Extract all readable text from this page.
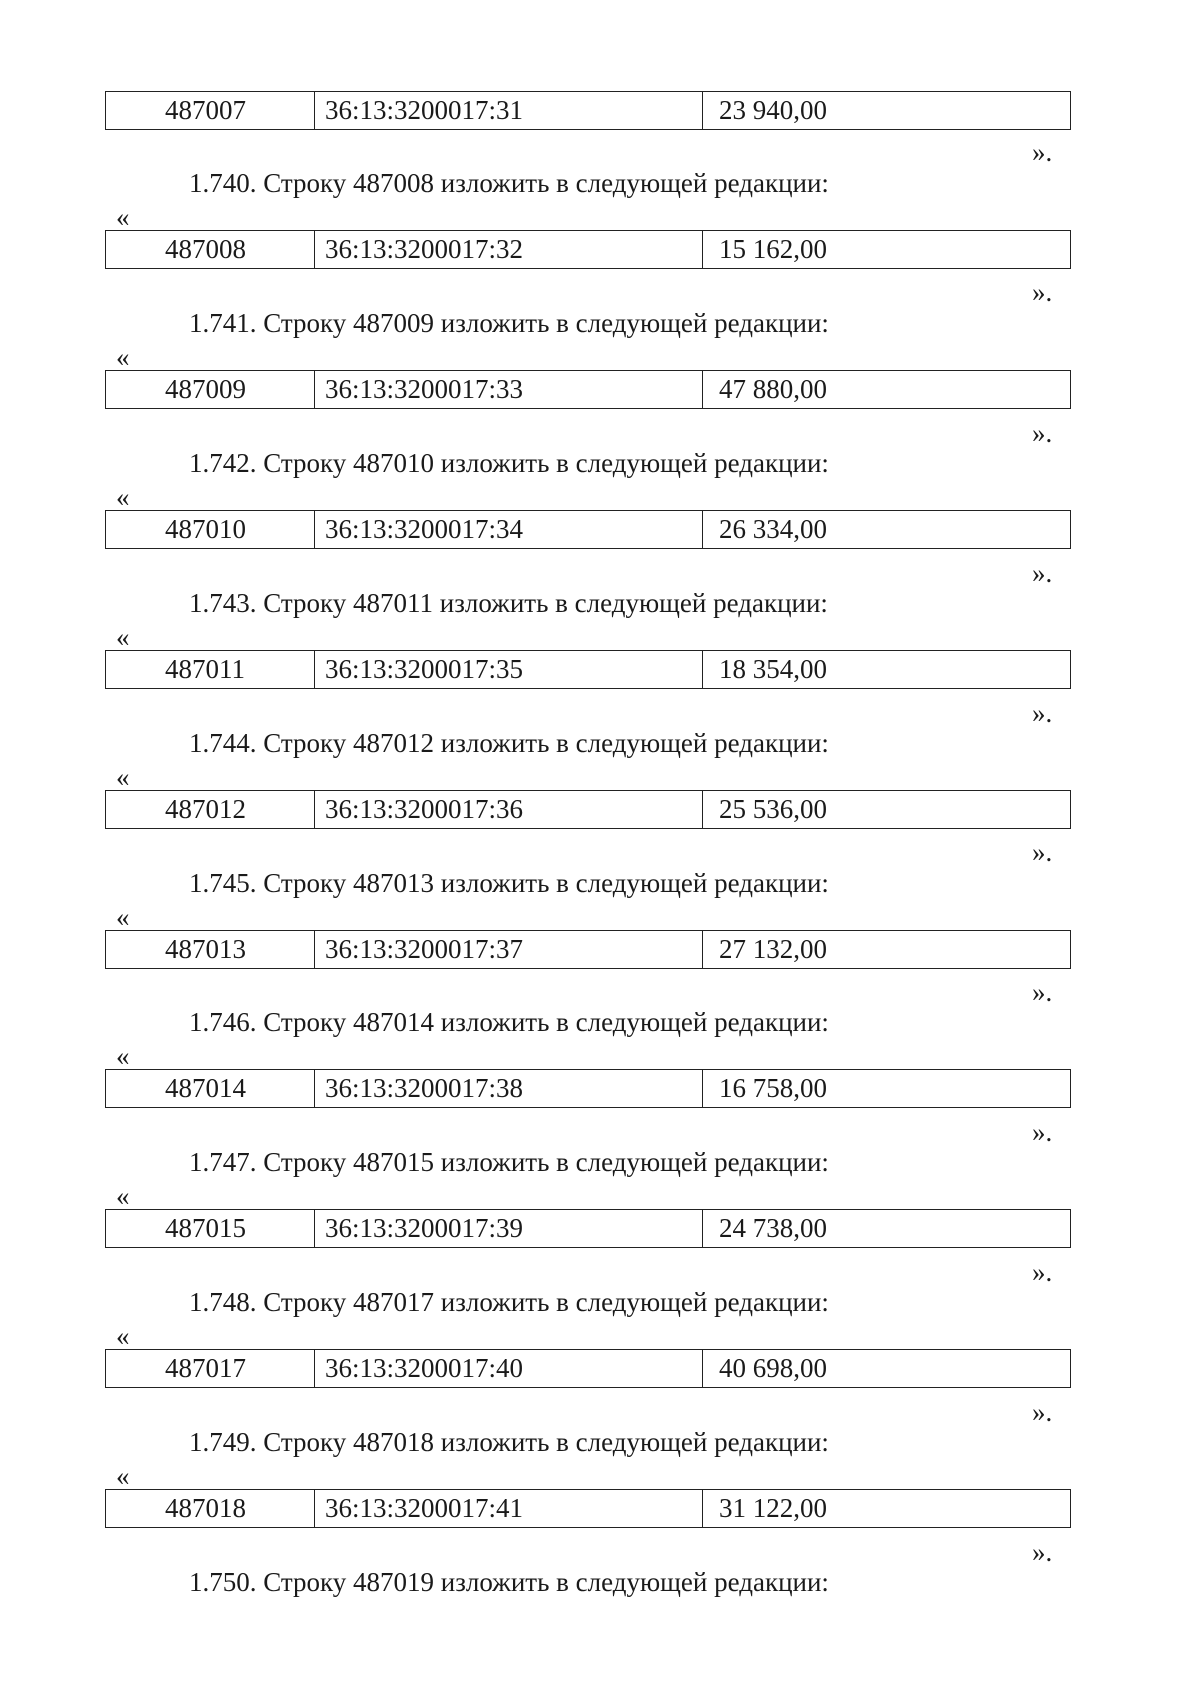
487007	36:13:3200017:31	23 940,00
».
1.740. Строку 487008 изложить в следующей редакции:
«
487008	36:13:3200017:32	15 162,00
».
1.741. Строку 487009 изложить в следующей редакции:
«
487009	36:13:3200017:33	47 880,00
».
1.742. Строку 487010 изложить в следующей редакции:
«
487010	36:13:3200017:34	26 334,00
».
1.743. Строку 487011 изложить в следующей редакции:
«
487011	36:13:3200017:35	18 354,00
».
1.744. Строку 487012 изложить в следующей редакции:
«
487012	36:13:3200017:36	25 536,00
».
1.745. Строку 487013 изложить в следующей редакции:
«
487013	36:13:3200017:37	27 132,00
».
1.746. Строку 487014 изложить в следующей редакции:
«
487014	36:13:3200017:38	16 758,00
».
1.747. Строку 487015 изложить в следующей редакции:
«
487015	36:13:3200017:39	24 738,00
».
1.748. Строку 487017 изложить в следующей редакции:
«
487017	36:13:3200017:40	40 698,00
».
1.749. Строку 487018 изложить в следующей редакции:
«
487018	36:13:3200017:41	31 122,00
».
1.750. Строку 487019 изложить в следующей редакции:
